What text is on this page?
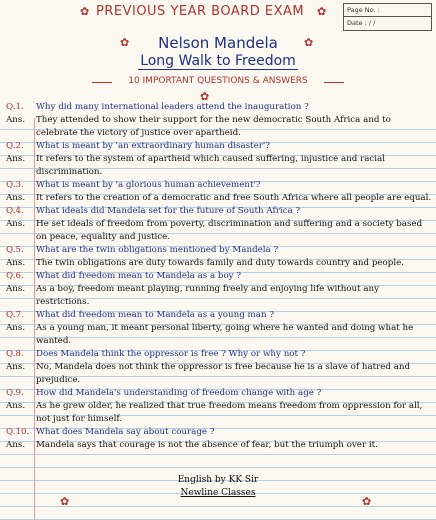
✿ PREVIOUS YEAR BOARD EXAM ✿	Page No. :
Date : / /
✿	Nelson Mandela	✿
Long Walk to Freedom
10 IMPORTANT QUESTIONS & ANSWERS
✿
Q.1.	Why did many international leaders attend the inauguration ?
Ans.	They attended to show their support for the new democratic South Africa and to celebrate the victory of justice over apartheid.
Q.2.	What is meant by 'an extraordinary human disaster'?
Ans.	It refers to the system of apartheid which caused suffering, injustice and racial discrimination.
Q.3.	What is meant by 'a glorious human achievement'?
Ans.	It refers to the creation of a democratic and free South Africa where all people are equal.
Q.4.	What ideals did Mandela set for the future of South Africa ?
Ans.	He set ideals of freedom from poverty, discrimination and suffering and a society based on peace, equality and justice.
Q.5.	What are the twin obligations mentioned by Mandela ?
Ans.	The twin obligations are duty towards family and duty towards country and people.
Q.6.	What did freedom mean to Mandela as a boy ?
Ans.	As a boy, freedom meant playing, running freely and enjoying life without any restrictions.
Q.7.	What did freedom mean to Mandela as a young man ?
Ans.	As a young man, it meant personal liberty, going where he wanted and doing what he wanted.
Q.8.	Does Mandela think the oppressor is free ? Why or why not ?
Ans.	No, Mandela does not think the oppressor is free because he is a slave of hatred and prejudice.
Q.9.	How did Mandela's understanding of freedom change with age ?
Ans.	As he grew older, he realized that true freedom means freedom from oppression for all, not just for himself.
Q.10. What does Mandela say about courage ?
Ans.	Mandela says that courage is not the absence of fear, but the triumph over it.
English by KK Sir
Newline Classes
✿	✿
